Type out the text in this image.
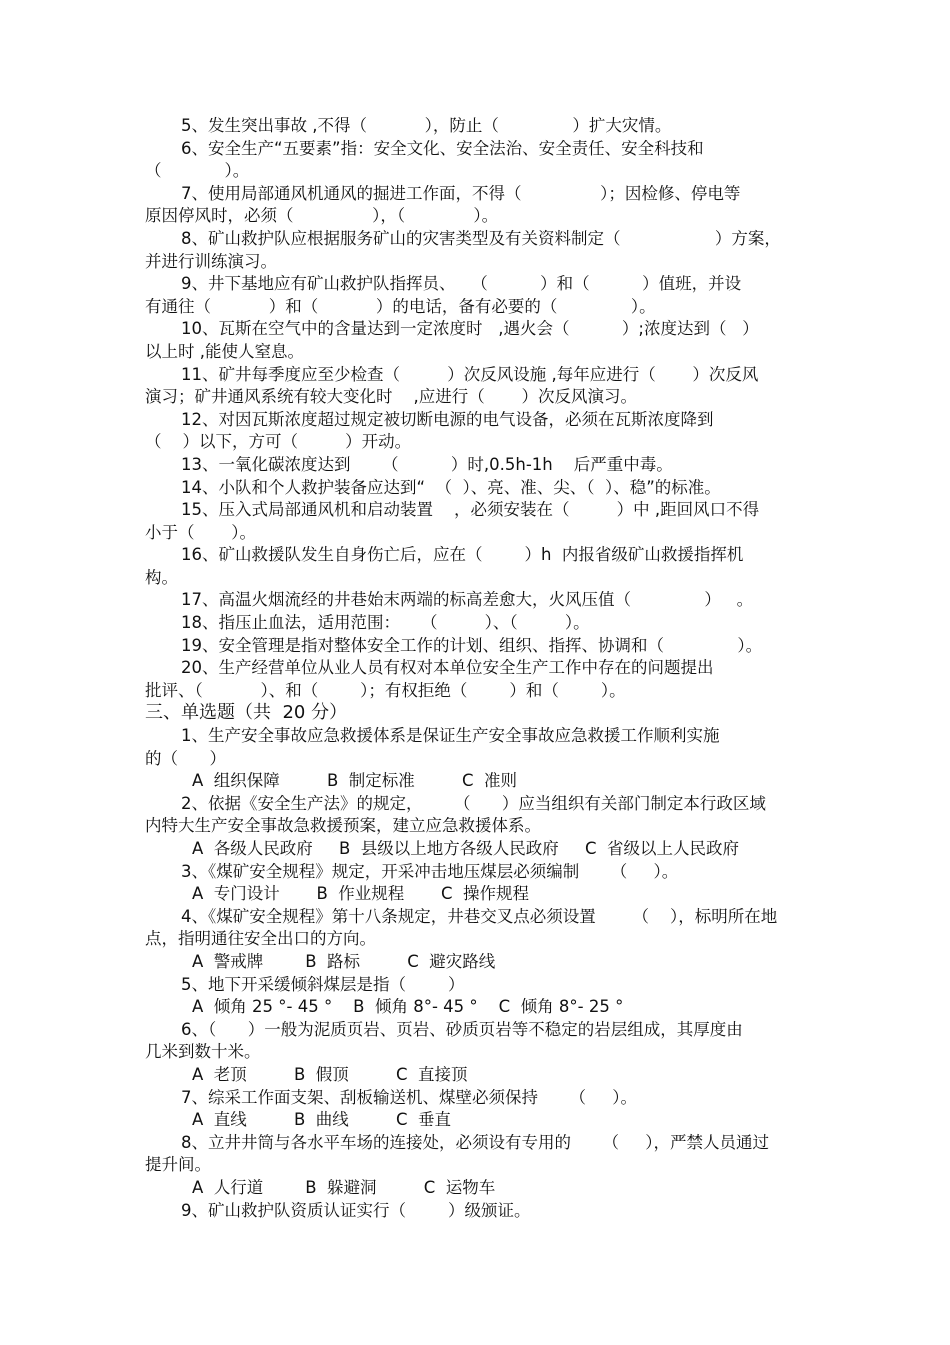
5、发生突出事故 ,不得（           ），防止（              ）扩大灾情。
6、安全生产“五要素”指：安全文化、安全法治、安全责任、安全科技和
（            ）。
7、使用局部通风机通风的掘进工作面，不得（               ）；因检修、停电等
原因停风时，必须（               ），（             ）。
8、矿山救护队应根据服务矿山的灾害类型及有关资料制定（                  ）方案，
并进行训练演习。
9、井下基地应有矿山救护队指挥员、   （          ）和（          ）值班，并设
有通往（           ）和（           ）的电话，备有必要的（              ）。
10、瓦斯在空气中的含量达到一定浓度时   ,遇火会（          ）;浓度达到（   ）
以上时 ,能使人窒息。
11、矿井每季度应至少检查（         ）次反风设施 ,每年应进行（       ）次反风
演习；矿井通风系统有较大变化时    ,应进行（       ）次反风演习。
12、对因瓦斯浓度超过规定被切断电源的电气设备，必须在瓦斯浓度降到
（    ）以下，方可（         ）开动。
13、一氧化碳浓度达到      （          ）时,0.5h-1h    后严重中毒。
14、小队和个人救护装备应达到“  （  ）、亮、准、尖、（  ）、稳”的标准。
15、压入式局部通风机和启动装置    ，必须安装在（         ）中 ,距回风口不得
小于（       ）。
16、矿山救援队发生自身伤亡后，应在（        ）h  内报省级矿山救援指挥机
构。
17、高温火烟流经的井巷始末两端的标高差愈大，火风压值（              ）   。
18、指压止血法，适用范围：    （         ）、（         ）。
19、安全管理是指对整体安全工作的计划、组织、指挥、协调和（              ）。
20、生产经营单位从业人员有权对本单位安全生产工作中存在的问题提出
批评、（           ）、和（        ）；有权拒绝（        ）和（        ）。
三、单选题（共  20 分）
1、生产安全事故应急救援体系是保证生产安全事故应急救援工作顺利实施
的（      ）
A  组织保障         B  制定标准         C  准则
2、依据《安全生产法》的规定，      （      ）应当组织有关部门制定本行政区域
内特大生产安全事故急救援预案，建立应急救援体系。
A  各级人民政府     B  县级以上地方各级人民政府     C  省级以上人民政府
3、《煤矿安全规程》规定，开采冲击地压煤层必须编制      （     ）。
A  专门设计       B  作业规程       C  操作规程
4、《煤矿安全规程》第十八条规定，井巷交叉点必须设置       （    ），标明所在地
点，指明通往安全出口的方向。
A  警戒牌        B  路标         C  避灾路线
5、地下开采缓倾斜煤层是指（        ）
A  倾角 25 °- 45 °    B  倾角 8°- 45 °    C  倾角 8°- 25 °
6、（      ）一般为泥质页岩、页岩、砂质页岩等不稳定的岩层组成，其厚度由
几米到数十米。
A  老顶         B  假顶         C  直接顶
7、综采工作面支架、刮板输送机、煤壁必须保持      （     ）。
A  直线         B  曲线         C  垂直
8、立井井筒与各水平车场的连接处，必须设有专用的      （     ），严禁人员通过
提升间。
A  人行道        B  躲避洞         C  运物车
9、矿山救护队资质认证实行（        ）级颁证。
